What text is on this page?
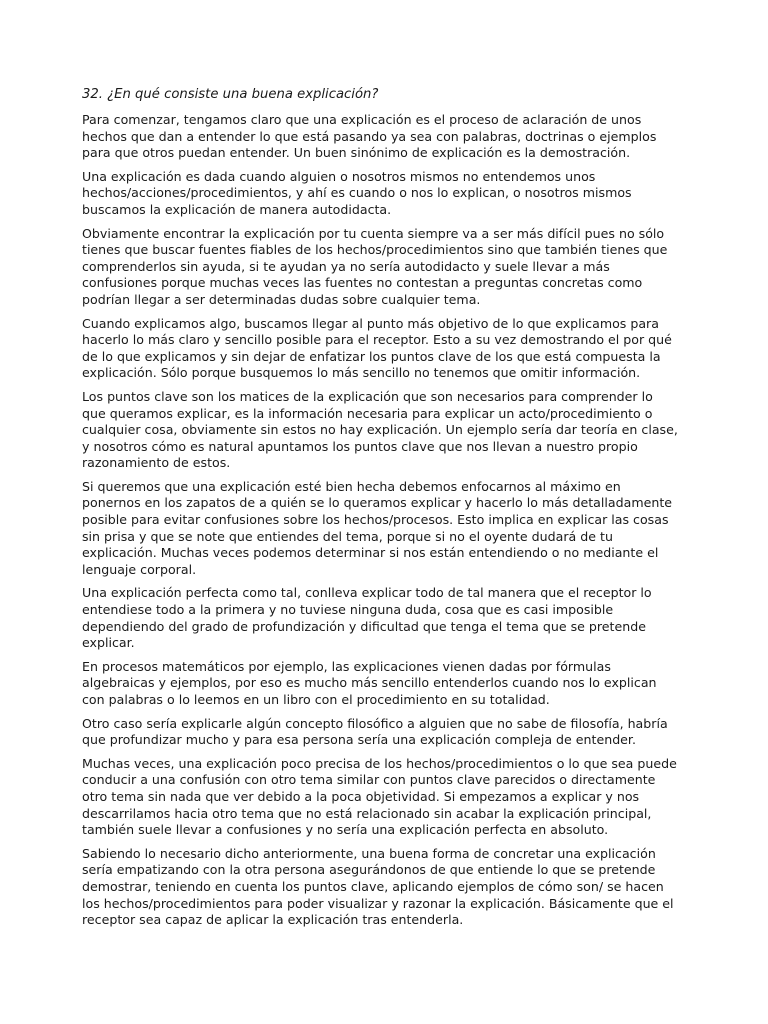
32. ¿En qué consiste una buena explicación?

Para comenzar, tengamos claro que una explicación es el proceso de aclaración de unos hechos que dan a entender lo que está pasando ya sea con palabras, doctrinas o ejemplos para que otros puedan entender. Un buen sinónimo de explicación es la demostración.

Una explicación es dada cuando alguien o nosotros mismos no entendemos unos hechos/acciones/procedimientos, y ahí es cuando o nos lo explican, o nosotros mismos buscamos la explicación de manera autodidacta.

Obviamente encontrar la explicación por tu cuenta siempre va a ser más difícil pues no sólo tienes que buscar fuentes fiables de los hechos/procedimientos sino que también tienes que comprenderlos sin ayuda, si te ayudan ya no sería autodidacto y suele llevar a más confusiones porque muchas veces las fuentes no contestan a preguntas concretas como podrían llegar a ser determinadas dudas sobre cualquier tema.

Cuando explicamos algo, buscamos llegar al punto más objetivo de lo que explicamos para hacerlo lo más claro y sencillo posible para el receptor. Esto a su vez demostrando el por qué de lo que explicamos y sin dejar de enfatizar los puntos clave de los que está compuesta la explicación. Sólo porque busquemos lo más sencillo no tenemos que omitir información.

Los puntos clave son los matices de la explicación que son necesarios para comprender lo que queramos explicar, es la información necesaria para explicar un acto/procedimiento o cualquier cosa, obviamente sin estos no hay explicación. Un ejemplo sería dar teoría en clase, y nosotros cómo es natural apuntamos los puntos clave que nos llevan a nuestro propio razonamiento de estos.

Si queremos que una explicación esté bien hecha debemos enfocarnos al máximo en ponernos en los zapatos de a quién se lo queramos explicar y hacerlo lo más detalladamente posible para evitar confusiones sobre los hechos/procesos. Esto implica en explicar las cosas sin prisa y que se note que entiendes del tema, porque si no el oyente dudará de tu explicación. Muchas veces podemos determinar si nos están entendiendo o no mediante el lenguaje corporal.

Una explicación perfecta como tal, conlleva explicar todo de tal manera que el receptor lo entendiese todo a la primera y no tuviese ninguna duda, cosa que es casi imposible dependiendo del grado de profundización y dificultad que tenga el tema que se pretende explicar.

En procesos matemáticos por ejemplo, las explicaciones vienen dadas por fórmulas algebraicas y ejemplos, por eso es mucho más sencillo entenderlos cuando nos lo explican con palabras o lo leemos en un libro con el procedimiento en su totalidad.

Otro caso sería explicarle algún concepto filosófico a alguien que no sabe de filosofía, habría que profundizar mucho y para esa persona sería una explicación compleja de entender.

Muchas veces, una explicación poco precisa de los hechos/procedimientos o lo que sea puede conducir a una confusión con otro tema similar con puntos clave parecidos o directamente otro tema sin nada que ver debido a la poca objetividad. Si empezamos a explicar y nos descarrilamos hacia otro tema que no está relacionado sin acabar la explicación principal, también suele llevar a confusiones y no sería una explicación perfecta en absoluto.

Sabiendo lo necesario dicho anteriormente, una buena forma de concretar una explicación sería empatizando con la otra persona asegurándonos de que entiende lo que se pretende demostrar, teniendo en cuenta los puntos clave, aplicando ejemplos de cómo son/ se hacen los hechos/procedimientos para poder visualizar y razonar la explicación. Básicamente que el receptor sea capaz de aplicar la explicación tras entenderla.
